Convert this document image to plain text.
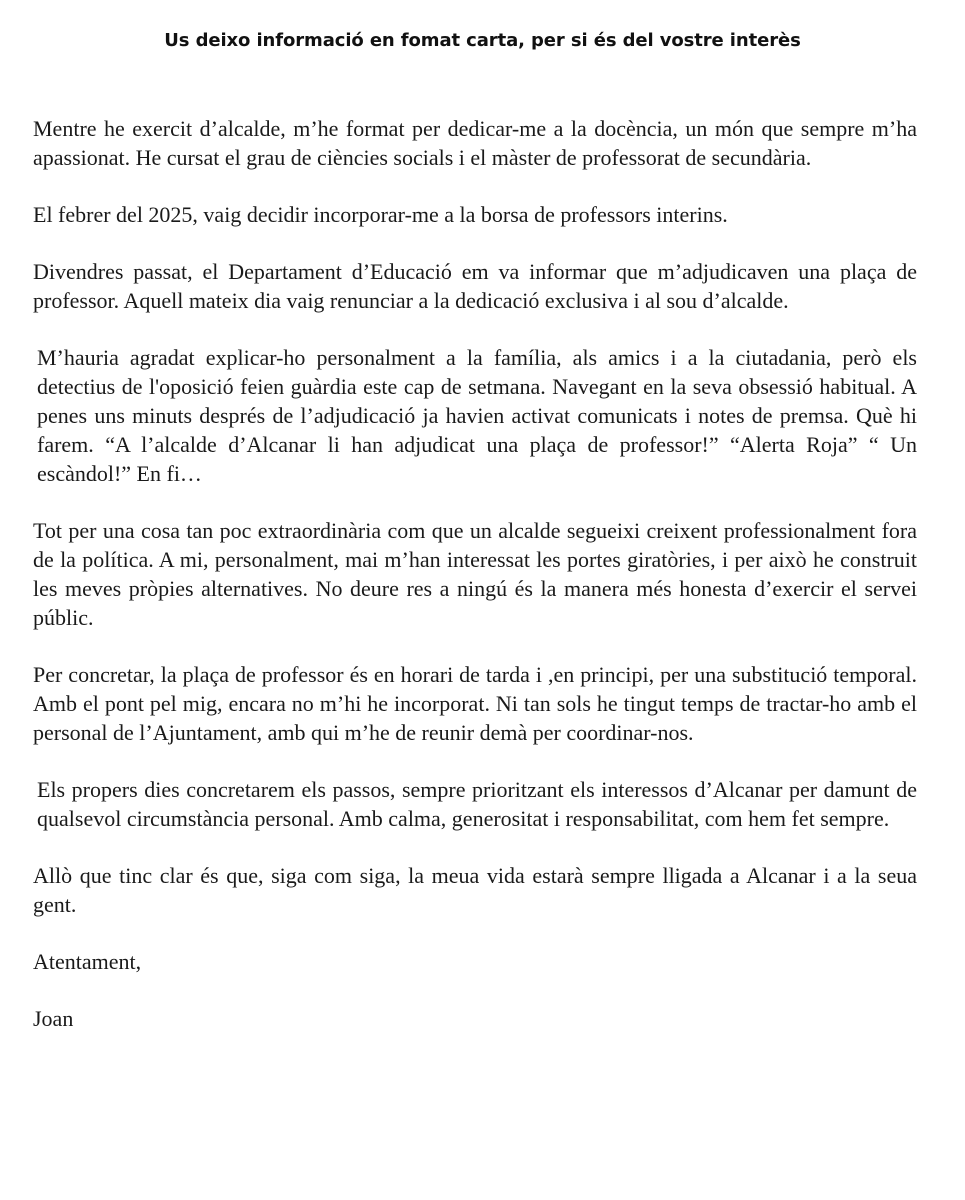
Us deixo informació en fomat carta, per si és del vostre interès

Mentre he exercit d’alcalde, m’he format per dedicar-me a la docència, un món que sempre m’ha apassionat. He cursat el grau de ciències socials i el màster de professorat de secundària.

El febrer del 2025, vaig decidir incorporar-me a la borsa de professors interins.

Divendres passat, el Departament d’Educació em va informar que m’adjudicaven una plaça de professor. Aquell mateix dia vaig renunciar a la dedicació exclusiva i al sou d’alcalde.

M’hauria agradat explicar-ho personalment a la família, als amics i a la ciutadania, però els detectius de l'oposició feien guàrdia este cap de setmana. Navegant en la seva obsessió habitual. A penes uns minuts després de l’adjudicació ja havien activat comunicats i notes de premsa. Què hi farem. “A l’alcalde d’Alcanar li han adjudicat una plaça de professor!” “Alerta Roja” “ Un escàndol!” En fi…

Tot per una cosa tan poc extraordinària com que un alcalde segueixi creixent professionalment fora de la política. A mi, personalment, mai m’han interessat les portes giratòries, i per això he construit les meves pròpies alternatives. No deure res a ningú és la manera més honesta d’exercir el servei públic.

Per concretar, la plaça de professor és en horari de tarda i ,en principi, per una substitució temporal. Amb el pont pel mig, encara no m’hi he incorporat. Ni tan sols he tingut temps de tractar-ho amb el personal de l’Ajuntament, amb qui m’he de reunir demà per coordinar-nos.

Els propers dies concretarem els passos, sempre prioritzant els interessos d’Alcanar per damunt de qualsevol circumstància personal. Amb calma, generositat i responsabilitat, com hem fet sempre.

Allò que tinc clar és que, siga com siga, la meua vida estarà sempre lligada a Alcanar i a la seua gent.

Atentament,

Joan
